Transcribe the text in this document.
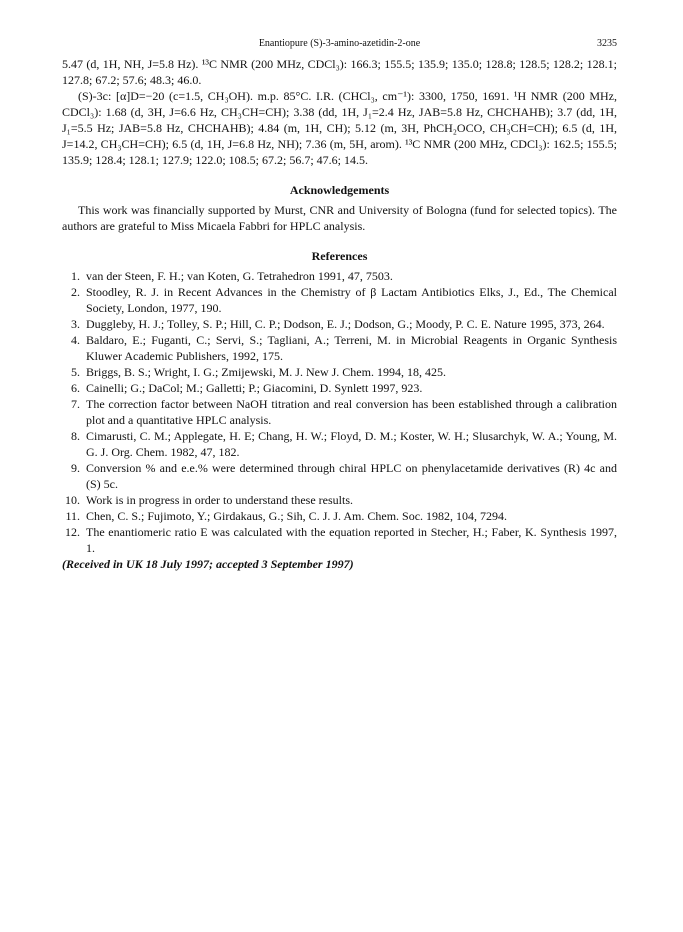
Enantiopure (S)-3-amino-azetidin-2-one	3235

5.47 (d, 1H, NH, J=5.8 Hz). ¹³C NMR (200 MHz, CDCl₃): 166.3; 155.5; 135.9; 135.0; 128.8; 128.5; 128.2; 128.1; 127.8; 67.2; 57.6; 48.3; 46.0.

(S)-3c: [α]D=−20 (c=1.5, CH₃OH). m.p. 85°C. I.R. (CHCl₃, cm⁻¹): 3300, 1750, 1691. ¹H NMR (200 MHz, CDCl₃): 1.68 (d, 3H, J=6.6 Hz, CH₃CH=CH); 3.38 (dd, 1H, J₁=2.4 Hz, JAB=5.8 Hz, CHCHAHB); 3.7 (dd, 1H, J₁=5.5 Hz; JAB=5.8 Hz, CHCHAHB); 4.84 (m, 1H, CH); 5.12 (m, 3H, PhCH₂OCO, CH₃CH=CH); 6.5 (d, 1H, J=14.2, CH₃CH=CH); 6.5 (d, 1H, J=6.8 Hz, NH); 7.36 (m, 5H, arom). ¹³C NMR (200 MHz, CDCl₃): 162.5; 155.5; 135.9; 128.4; 128.1; 127.9; 122.0; 108.5; 67.2; 56.7; 47.6; 14.5.

Acknowledgements

This work was financially supported by Murst, CNR and University of Bologna (fund for selected topics). The authors are grateful to Miss Micaela Fabbri for HPLC analysis.

References
1. van der Steen, F. H.; van Koten, G. Tetrahedron 1991, 47, 7503.
2. Stoodley, R. J. in Recent Advances in the Chemistry of β Lactam Antibiotics Elks, J., Ed., The Chemical Society, London, 1977, 190.
3. Duggleby, H. J.; Tolley, S. P.; Hill, C. P.; Dodson, E. J.; Dodson, G.; Moody, P. C. E. Nature 1995, 373, 264.
4. Baldaro, E.; Fuganti, C.; Servi, S.; Tagliani, A.; Terreni, M. in Microbial Reagents in Organic Synthesis Kluwer Academic Publishers, 1992, 175.
5. Briggs, B. S.; Wright, I. G.; Zmijewski, M. J. New J. Chem. 1994, 18, 425.
6. Cainelli; G.; DaCol; M.; Galletti; P.; Giacomini, D. Synlett 1997, 923.
7. The correction factor between NaOH titration and real conversion has been established through a calibration plot and a quantitative HPLC analysis.
8. Cimarusti, C. M.; Applegate, H. E; Chang, H. W.; Floyd, D. M.; Koster, W. H.; Slusarchyk, W. A.; Young, M. G. J. Org. Chem. 1982, 47, 182.
9. Conversion % and e.e.% were determined through chiral HPLC on phenylacetamide derivatives (R) 4c and (S) 5c.
10. Work is in progress in order to understand these results.
11. Chen, C. S.; Fujimoto, Y.; Girdakaus, G.; Sih, C. J. J. Am. Chem. Soc. 1982, 104, 7294.
12. The enantiomeric ratio E was calculated with the equation reported in Stecher, H.; Faber, K. Synthesis 1997, 1.

(Received in UK 18 July 1997; accepted 3 September 1997)
